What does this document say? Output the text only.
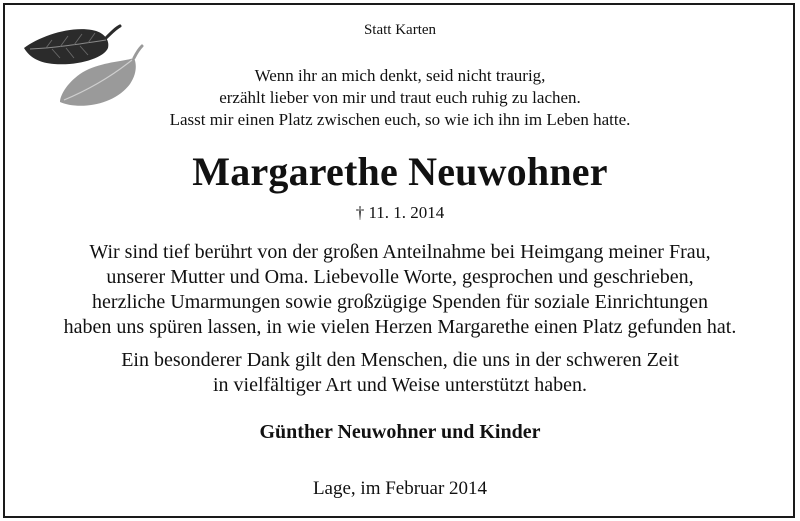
Statt Karten
Wenn ihr an mich denkt, seid nicht traurig,
erzählt lieber von mir und traut euch ruhig zu lachen.
Lasst mir einen Platz zwischen euch, so wie ich ihn im Leben hatte.
Margarethe Neuwohner
† 11. 1. 2014
Wir sind tief berührt von der großen Anteilnahme bei Heimgang meiner Frau,
unserer Mutter und Oma. Liebevolle Worte, gesprochen und geschrieben,
herzliche Umarmungen sowie großzügige Spenden für soziale Einrichtungen
haben uns spüren lassen, in wie vielen Herzen Margarethe einen Platz gefunden hat.
Ein besonderer Dank gilt den Menschen, die uns in der schweren Zeit
in vielfältiger Art und Weise unterstützt haben.
Günther Neuwohner und Kinder
Lage, im Februar 2014
